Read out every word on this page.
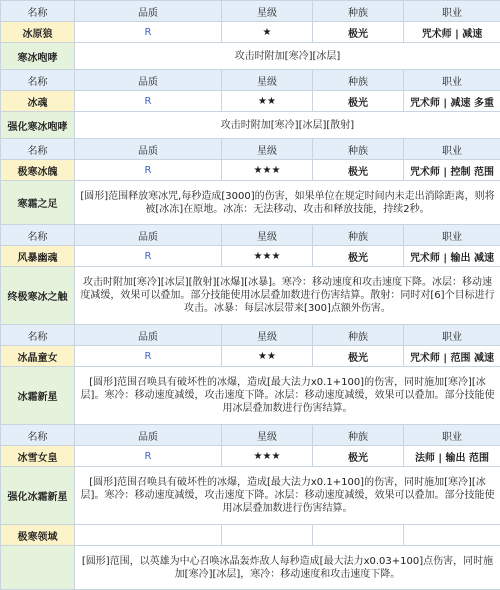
名称	品质	星级	种族	职业
冰原狼	R	★	极光	咒术师 | 减速
寒冰咆哮	攻击时附加[寒冷][冰层]			
名称	品质	星级	种族	职业
冰魂	R	★★	极光	咒术师 | 减速 多重
强化寒冰咆哮	攻击时附加[寒冷][冰层][散射]			
名称	品质	星级	种族	职业
极寒冰魄	R	★★★	极光	咒术师 | 控制 范围
寒霜之足	[圆形]范围释放寒冰咒,每秒造成[3000]的伤害，如果单位在规定时间内未走出消除距离，则将被[冰冻]在原地。冰冻：无法移动、攻击和释放技能，持续2秒。			
名称	品质	星级	种族	职业
风暴幽魂	R	★★★	极光	咒术师 | 输出 减速
终极寒冰之触	攻击时附加[寒冷][冰层][散射][冰爆][冰暴]。寒冷：移动速度和攻击速度下降。冰层：移动速度减缓，效果可以叠加。部分技能使用冰层叠加数进行伤害结算。散射：同时对[6]个目标进行攻击。冰暴：每层冰层带来[300]点额外伤害。			
名称	品质	星级	种族	职业
冰晶童女	R	★★	极光	咒术师 | 范围 减速
冰霜新星	[圆形]范围召唤具有破坏性的冰爆，造成[最大法力x0.1+100]的伤害，同时施加[寒冷][冰层]。寒冷：移动速度减缓，攻击速度下降。冰层：移动速度减缓，效果可以叠加。部分技能使用冰层叠加数进行伤害结算。			
名称	品质	星级	种族	职业
冰雪女皇	R	★★★	极光	法师 | 输出 范围
强化冰霜新星	[圆形]范围召唤具有破坏性的冰爆，造成[最大法力x0.1+100]的伤害，同时施加[寒冷][冰层]。寒冷：移动速度减缓，攻击速度下降。冰层：移动速度减缓，效果可以叠加。部分技能使用冰层叠加数进行伤害结算。			
极寒领域				
	[圆形]范围，以英雄为中心召唤冰晶轰炸敌人每秒造成[最大法力x0.03+100]点伤害，同时施加[寒冷][冰层]，寒冷：移动速度和攻击速度下降。			
